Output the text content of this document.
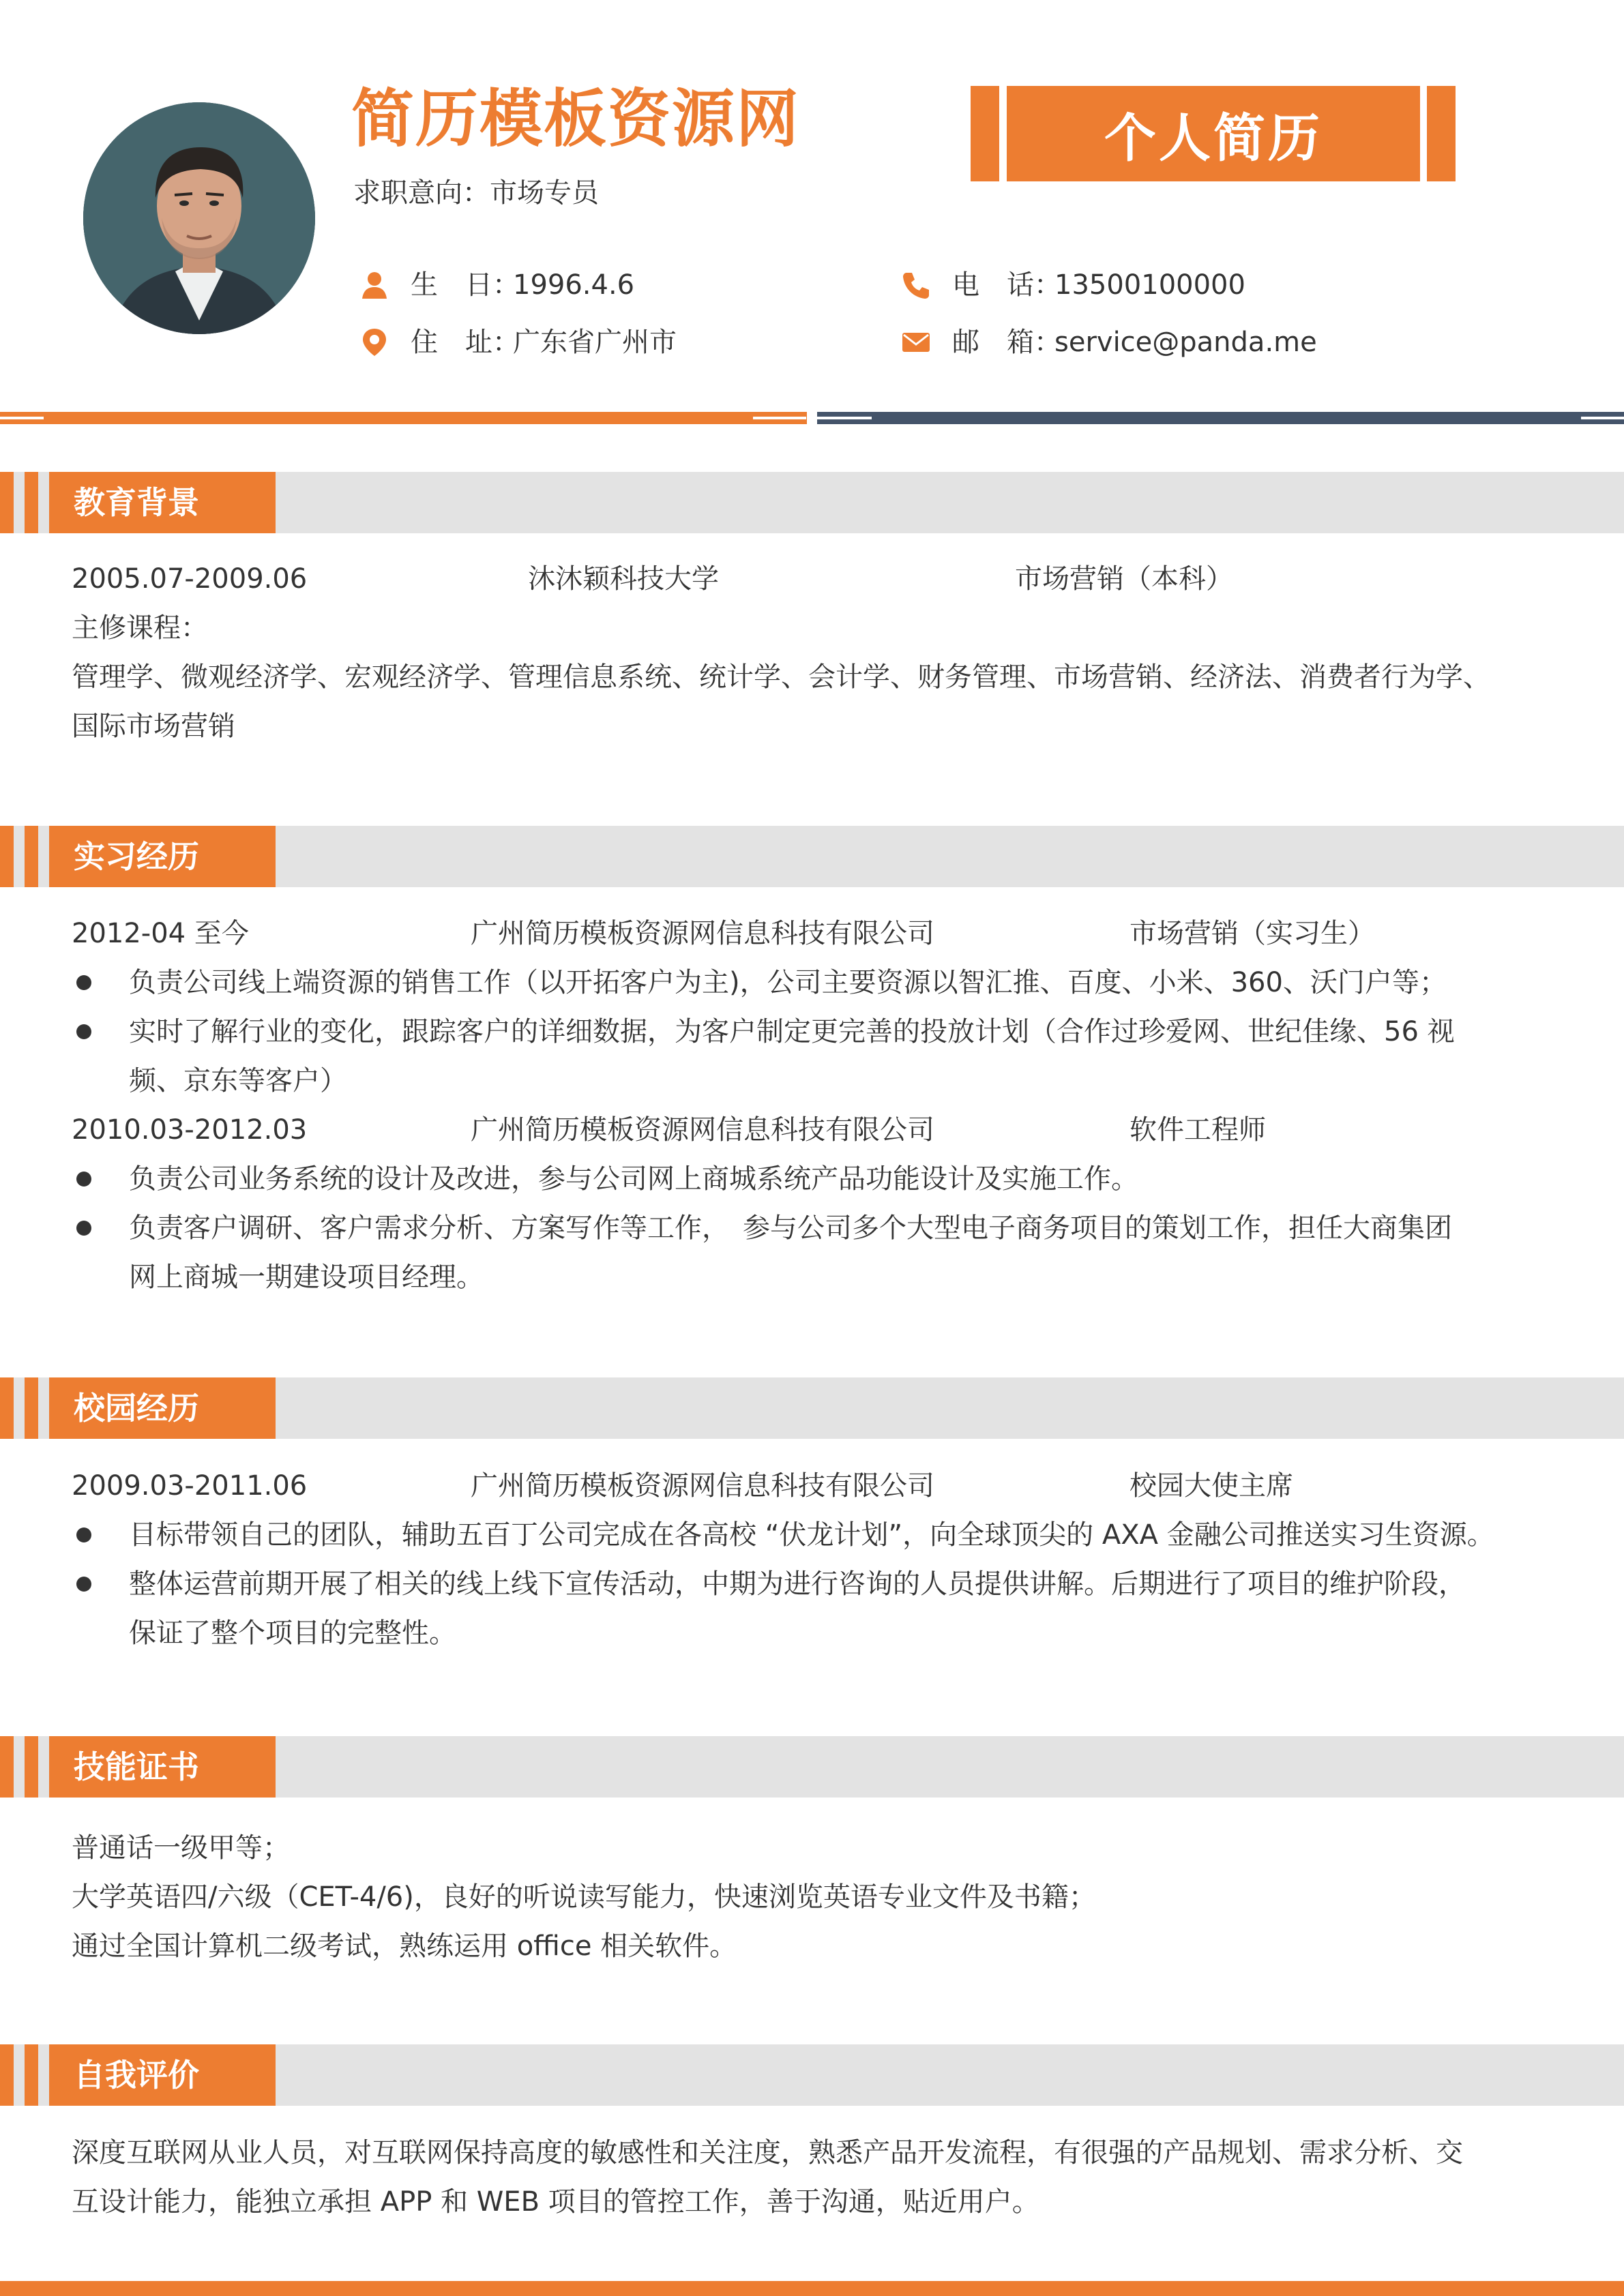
简历模板资源网
求职意向：市场专员
生　日：
1996.4.6
住　址：
广东省广州市
电　话：
13500100000
邮　箱：
service@panda.me
个人简历
教育背景
2005.07-2009.06	沐沐颖科技大学	市场营销（本科）
主修课程：
管理学、微观经济学、宏观经济学、管理信息系统、统计学、会计学、财务管理、市场营销、经济法、消费者行为学、
国际市场营销
实习经历
2012-04 至今	广州简历模板资源网信息科技有限公司	市场营销（实习生）
负责公司线上端资源的销售工作（以开拓客户为主)，公司主要资源以智汇推、百度、小米、360、沃门户等；
实时了解行业的变化，跟踪客户的详细数据，为客户制定更完善的投放计划（合作过珍爱网、世纪佳缘、56 视
频、京东等客户）
2010.03-2012.03	广州简历模板资源网信息科技有限公司	软件工程师
负责公司业务系统的设计及改进，参与公司网上商城系统产品功能设计及实施工作。
负责客户调研、客户需求分析、方案写作等工作，　参与公司多个大型电子商务项目的策划工作，担任大商集团
网上商城一期建设项目经理。
校园经历
2009.03-2011.06	广州简历模板资源网信息科技有限公司	校园大使主席
目标带领自己的团队，辅助五百丁公司完成在各高校 “伏龙计划”，向全球顶尖的 AXA 金融公司推送实习生资源。
整体运营前期开展了相关的线上线下宣传活动，中期为进行咨询的人员提供讲解。后期进行了项目的维护阶段，
保证了整个项目的完整性。
技能证书
普通话一级甲等；
大学英语四/六级（CET-4/6)，良好的听说读写能力，快速浏览英语专业文件及书籍；
通过全国计算机二级考试，熟练运用 office 相关软件。
自我评价
深度互联网从业人员，对互联网保持高度的敏感性和关注度，熟悉产品开发流程，有很强的产品规划、需求分析、交
互设计能力，能独立承担 APP 和 WEB 项目的管控工作，善于沟通，贴近用户。
